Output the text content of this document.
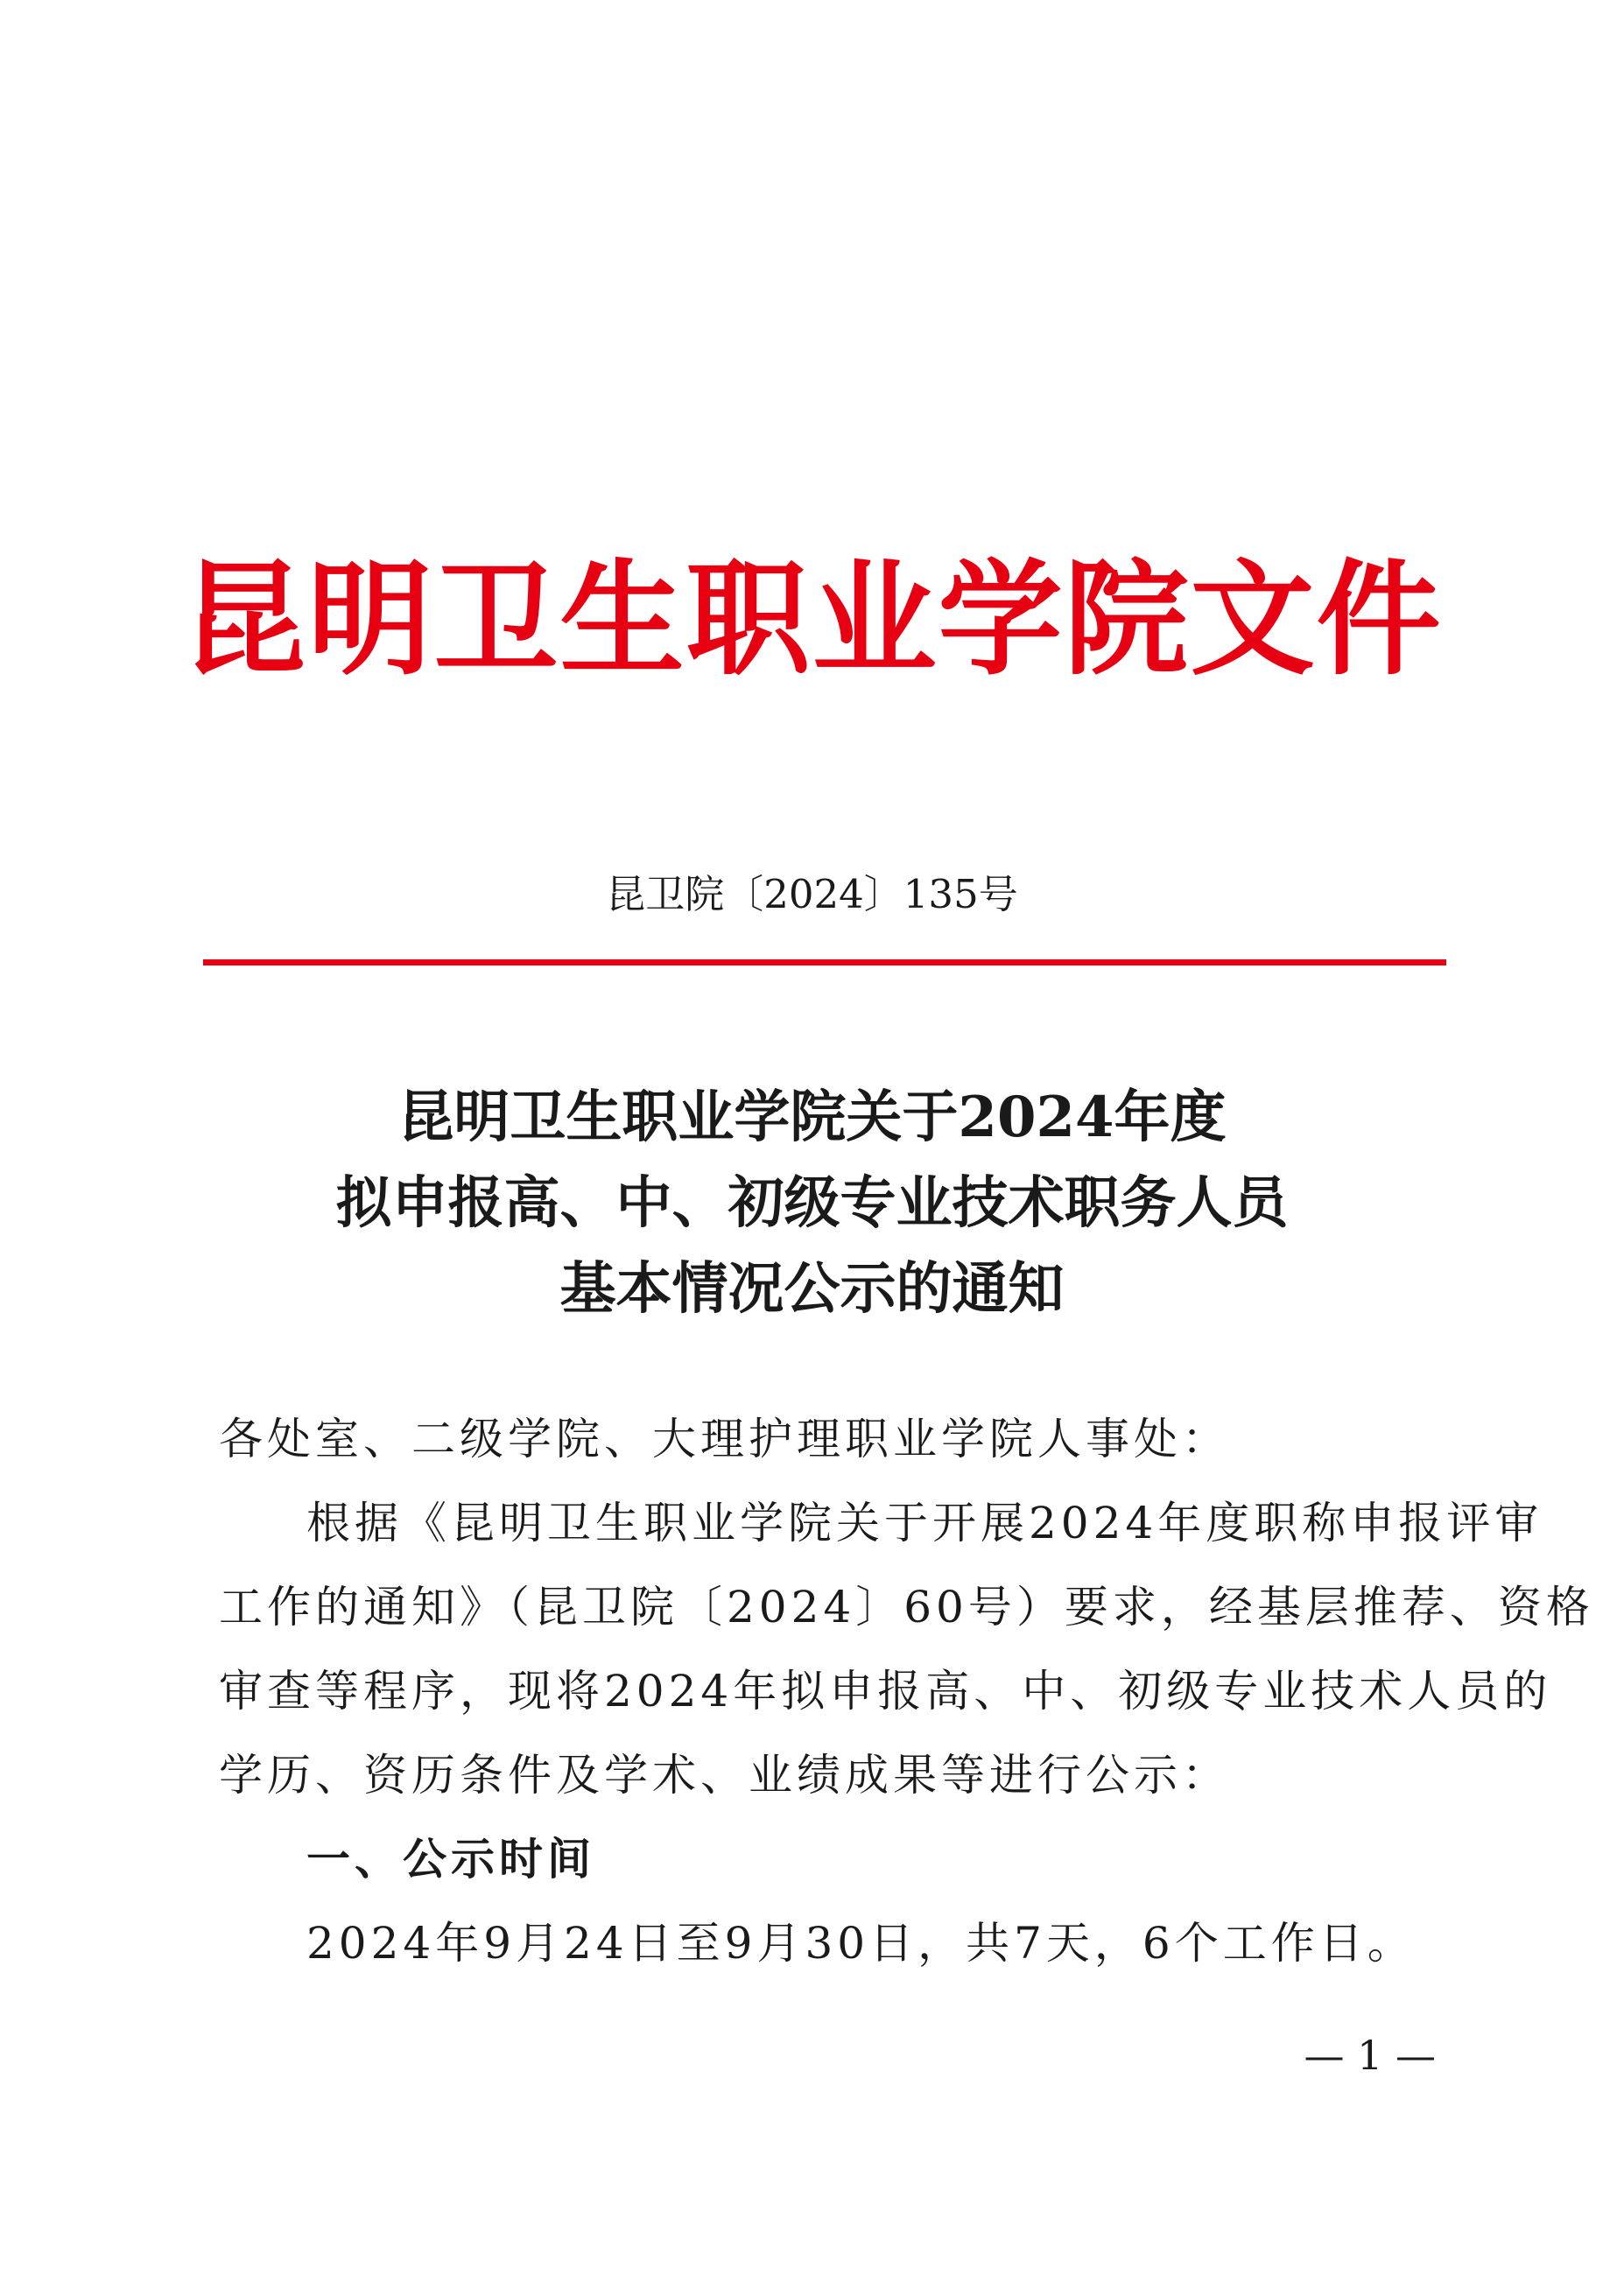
昆明卫生职业学院文件
昆卫院〔2024〕135号
昆明卫生职业学院关于2024年度
拟申报高、中、初级专业技术职务人员
基本情况公示的通知
各处室、二级学院、大理护理职业学院人事处：
根据《昆明卫生职业学院关于开展2024年度职称申报评审
工作的通知》（昆卫院〔2024〕60号）要求，经基层推荐、资格
审查等程序，现将2024年拟申报高、中、初级专业技术人员的
学历、资历条件及学术、业绩成果等进行公示：
一、公示时间
2024年9月24日至9月30日，共7天，6个工作日。
— 1 —
